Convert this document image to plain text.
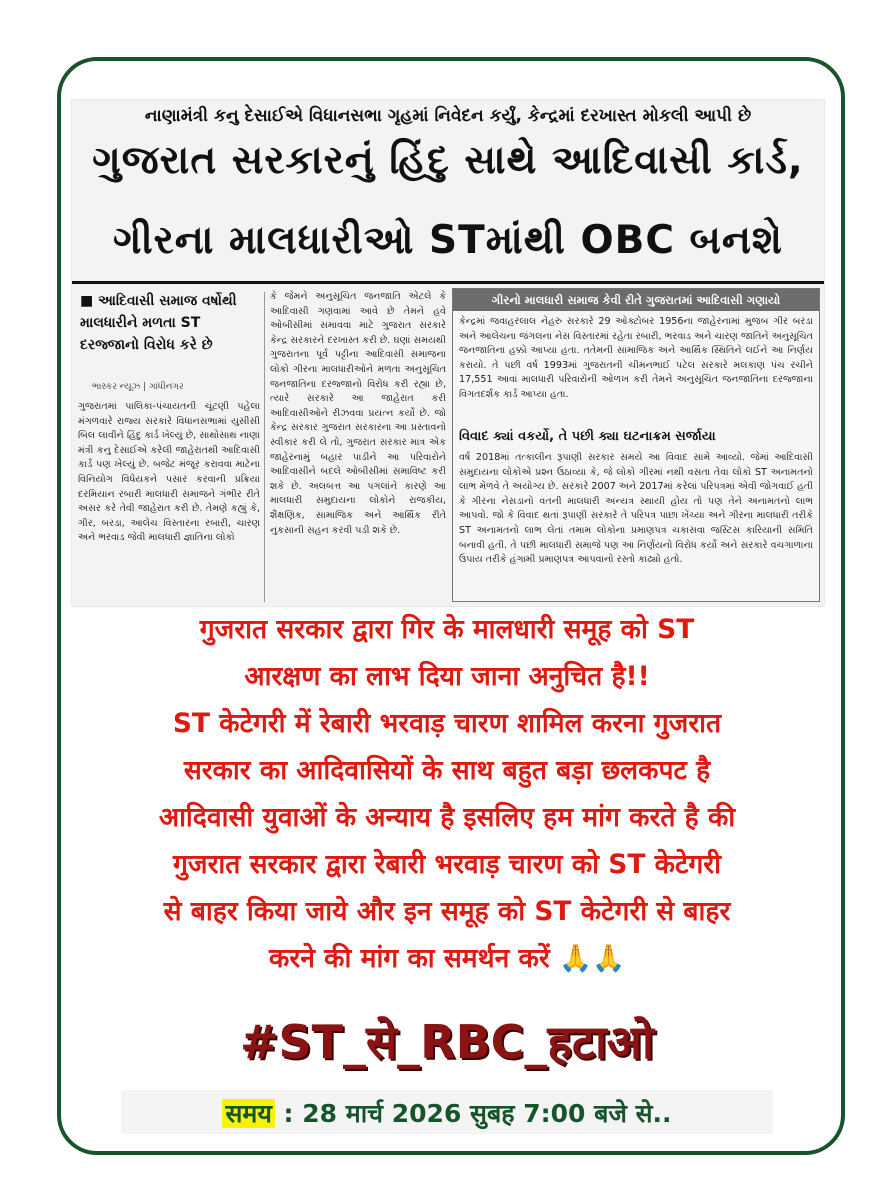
નાણામંત્રી કનુ દેસાઈએ વિધાનસભા ગૃહમાં નિવેદન કર્યું, કેન્દ્રમાં દરખાસ્ત મોકલી આપી છે
ગુજરાત સરકારનું હિંદુ સાથે આદિવાસી કાર્ડ,
ગીરના માલધારીઓ STમાંથી OBC બનશે
■ આદિવાસી સમાજ વર્ષોથી માલધારીને મળતા ST દરજ્જાનો વિરોધ કરે છે
ભાસ્કર ન્યૂઝ | ગાંધીનગર
ગુજરાતમાં પાલિકા-પંચાયતની ચૂંટણી પહેલા મંગળવારે રાજ્ય સરકારે વિધાનસભામાં યુસીસી બિલ લાવીને હિંદુ કાર્ડ ખેલ્યું છે, સાથોસાથ નાણાં મંત્રી કનુ દેસાઈએ કરેલી જાહેરાતથી આદિવાસી કાર્ડ પણ ખેલ્યું છે. બજેટ મંજૂર કરાવવા માટેના વિનિયોગ વિધેયકને પસાર કરવાની પ્રક્રિયા દરમિયાન રબારી માલધારી સમાજને ગંભીર રીતે અસર કરે તેવી જાહેરાત કરી છે. તેમણે કહ્યું કે, ગીર, બરડા, આલેચ વિસ્તારના રબારી, ચારણ અને ભરવાડ જેવી માલધારી જ્ઞાતિના લોકો
કે જેમને અનુસૂચિત જનજાતિ એટલે કે આદિવાસી ગણવામાં આવે છે તેમને હવે ઓબીસીમાં સમાવવા માટે ગુજરાત સરકારે કેન્દ્ર સરકારને દરખાસ્ત કરી છે. ઘણાં સમયથી ગુજરાતના પૂર્વ પટ્ટીના આદિવાસી સમાજના લોકો ગીરના માલધારીઓને મળતા અનુસૂચિત જનજાતિના દરજ્જાનો વિરોધ કરી રહ્યા છે, ત્યારે સરકારે આ જાહેરાત કરી આદિવાસીઓને રીઝવવા પ્રયત્ન કર્યો છે. જો કેન્દ્ર સરકાર ગુજરાત સરકારના આ પ્રસ્તાવનો સ્વીકાર કરી લે તો, ગુજરાત સરકાર માત્ર એક જાહેરનામું બહાર પાડીને આ પરિવારોને આદિવાસીને બદલે ઓબીસીમાં સમાવિષ્ટ કરી શકે છે. અલબત્ત આ પગલાંને કારણે આ માલધારી સમુદાયના લોકોને રાજકીય, શૈક્ષણિક, સામાજિક અને આર્થિક રીતે નુકસાની સહન કરવી પડી શકે છે.
ગીરનો માલધારી સમાજ કેવી રીતે ગુજરાતમાં આદિવાસી ગણાયો
કેન્દ્રમાં જવાહરલાલ નેહરુ સરકારે 29 ઓક્ટોબર 1956ના જાહેરનામાં મુજબ ગીર બરડા અને આલેચના જંગલના નેસ વિસ્તારમાં રહેતા રબારી, ભરવાડ અને ચારણ જાતિને અનુસૂચિત જનજાતિના હક્કો આપ્યા હતા. તતેમની સામાજિક અને આર્થિક સ્થિતિને લઈને આ નિર્ણય કરાયો. તે પછી વર્ષ 1993માં ગુજરાતની ચીમનભાઈ પટેલ સરકારે મલકાણ પંચ રચીને 17,551 આવાં માલધારી પરિવારોની ઓળખ કરી તેમને અનુસૂચિત જનજાતિના દરજ્જાના વિગતદર્શક કાર્ડ આપ્યા હતા.
વિવાદ ક્યાં વકર્યો, તે પછી ક્યા ઘટનાક્રમ સર્જાયા
વર્ષ 2018માં તત્કાલીન રૂપાણી સરકાર સમયે આ વિવાદ સામે આવ્યો. જેમાં આદિવાસી સમુદાયના લોકોએ પ્રશ્ન ઉઠાવ્યા કે, જે લોકો ગીરમાં નથી વસતા તેવા લોકો ST અનામતનો લાભ મેળવે તે અયોગ્ય છે. સરકારે 2007 અને 2017માં કરેલાં પરિપત્રમાં એવી જોગવાઈ હતી કે ગીરના નેસડાનો વતની માલધારી અન્યત્ર સ્થાયી હોય તો પણ તેને અનામતનો લાભ આપવો. જો કે વિવાદ થતાં રૂપાણી સરકારે તે પરિપત્ર પાછા ખેંચ્યા અને ગીરના માલધારી તરીકે ST અનામતનો લાભ લેતાં તમામ લોકોના પ્રમાણપત્ર ચકાસવા જસ્ટિસ કારિયાની સમિતિ બનાવી હતી. તે પછી માલધારી સમાજે પણ આ નિર્ણયનો વિરોધ કર્યો અને સરકારે વચગાળાના ઉપાય તરીકે હંગામી પ્રમાણપત્ર આપવાનો રસ્તો કાઢ્યો હતો.
गुजरात सरकार द्वारा गिर के मालधारी समूह को ST
आरक्षण का लाभ दिया जाना अनुचित है!!
ST केटेगरी में रेबारी भरवाड़ चारण शामिल करना गुजरात
सरकार का आदिवासियों के साथ बहुत बड़ा छलकपट है
आदिवासी युवाओं के अन्याय है इसलिए हम मांग करते है की
गुजरात सरकार द्वारा रेबारी भरवाड़ चारण को ST केटेगरी
से बाहर किया जाये और इन समूह को ST केटेगरी से बाहर
करने की मांग का समर्थन करें 🙏🙏
#ST_से_RBC_हटाओ
समय : 28 मार्च 2026 सुबह 7:00 बजे से..
